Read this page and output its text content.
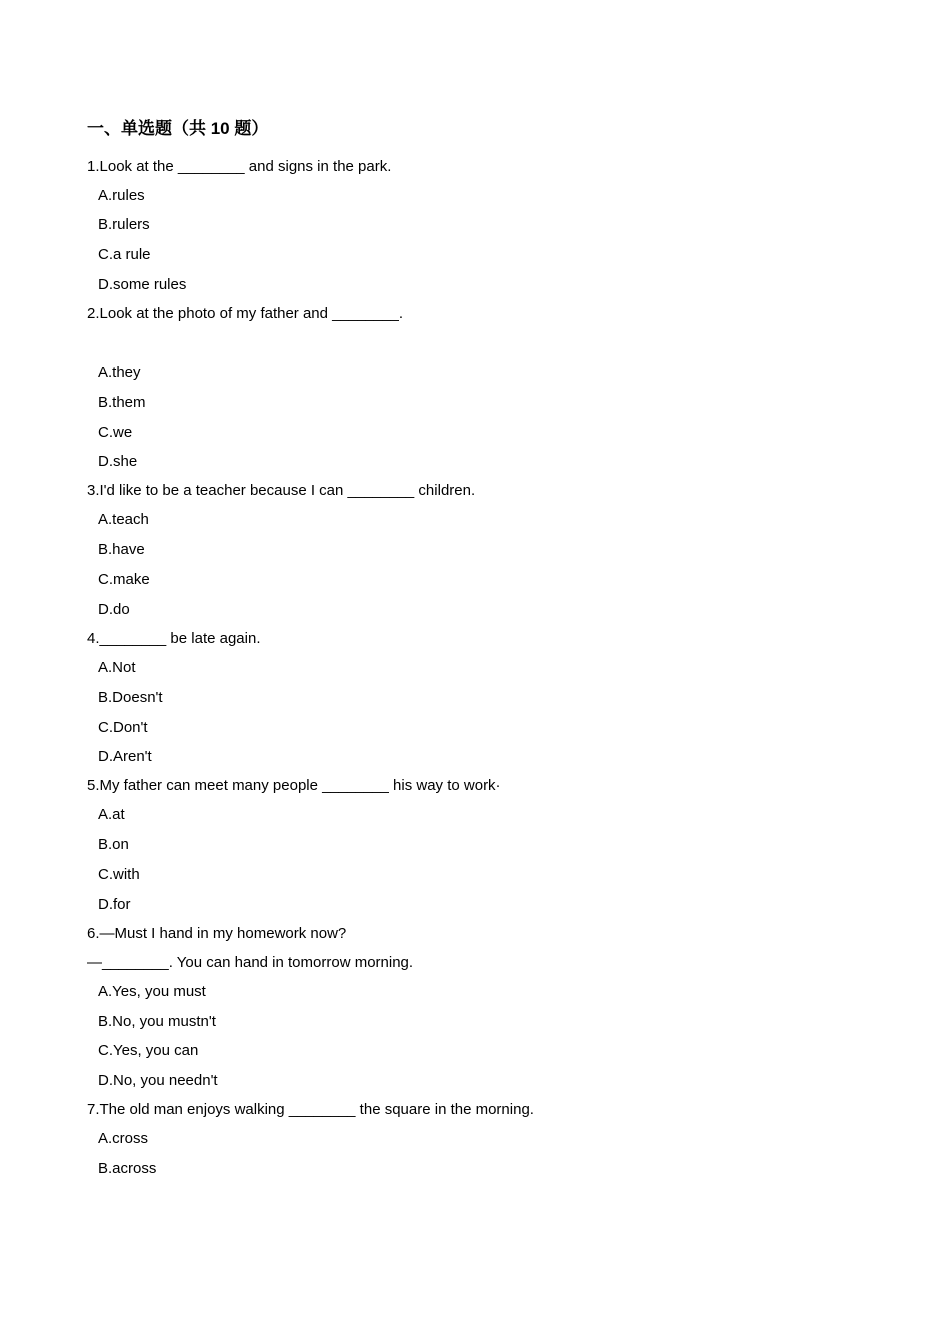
一、单选题（共 10 题）
1.Look at the ________ and signs in the park.
A.rules
B.rulers
C.a rule
D.some rules
2.Look at the photo of my father and ________.
A.they
B.them
C.we
D.she
3.I'd like to be a teacher because I can ________ children.
A.teach
B.have
C.make
D.do
4.________ be late again.
A.Not
B.Doesn't
C.Don't
D.Aren't
5.My father can meet many people ________ his way to work·
A.at
B.on
C.with
D.for
6.—Must I hand in my homework now?
—________. You can hand in tomorrow morning.
A.Yes, you must
B.No, you mustn't
C.Yes, you can
D.No, you needn't
7.The old man enjoys walking ________ the square in the morning.
A.cross
B.across
